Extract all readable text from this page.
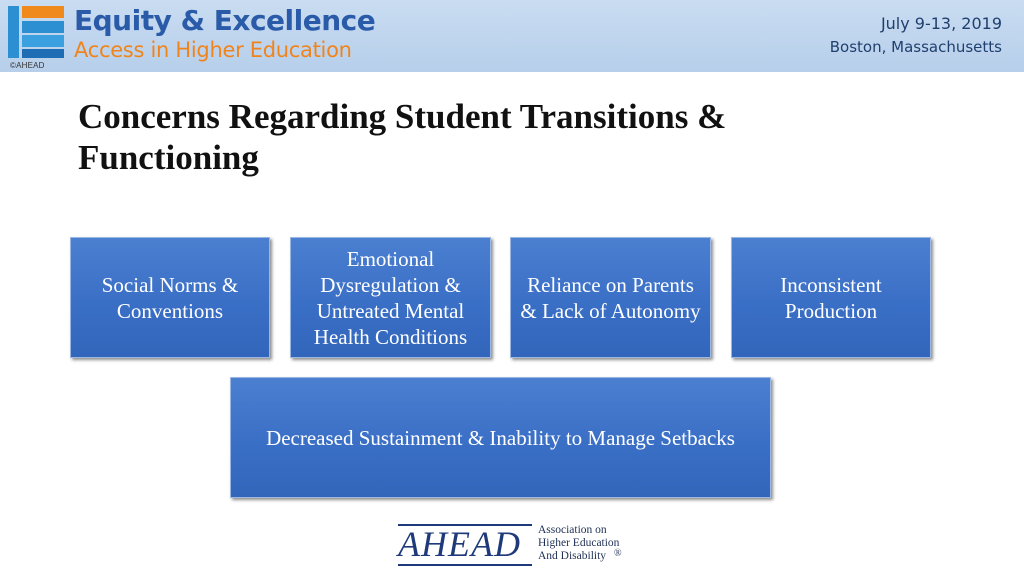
©AHEAD
Equity & Excellence
Access in Higher Education
July 9-13, 2019
Boston, Massachusetts
Concerns Regarding Student Transitions & Functioning
Social Norms & Conventions
Emotional Dysregulation & Untreated Mental Health Conditions
Reliance on Parents & Lack of Autonomy
Inconsistent Production
Decreased Sustainment & Inability to Manage Setbacks
AHEAD Association on
Higher Education
And Disability ®
